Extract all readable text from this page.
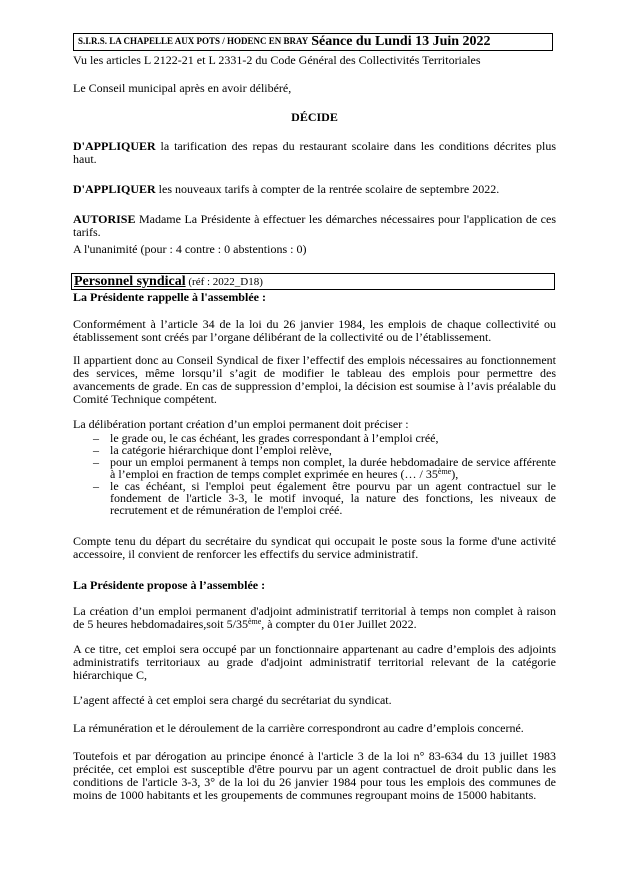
S.I.R.S. LA CHAPELLE AUX POTS / HODENC EN BRAY Séance du Lundi 13 Juin 2022
Vu les articles L 2122-21 et L 2331-2 du Code Général des Collectivités Territoriales
Le Conseil municipal après en avoir délibéré,
DÉCIDE
D'APPLIQUER la tarification des repas du restaurant scolaire dans les conditions décrites plus haut.
D'APPLIQUER les nouveaux tarifs à compter de la rentrée scolaire de septembre 2022.
AUTORISE Madame La Présidente à effectuer les démarches nécessaires pour l'application de ces tarifs.
A l'unanimité (pour : 4 contre : 0 abstentions : 0)
Personnel syndical (réf : 2022_D18)
La Présidente rappelle à l'assemblée :
Conformément à l’article 34 de la loi du 26 janvier 1984, les emplois de chaque collectivité ou établissement sont créés par l’organe délibérant de la collectivité ou de l’établissement.
Il appartient donc au Conseil Syndical de fixer l’effectif des emplois nécessaires au fonctionnement des services, même lorsqu’il s’agit de modifier le tableau des emplois pour permettre des avancements de grade. En cas de suppression d’emploi, la décision est soumise à l’avis préalable du Comité Technique compétent.
La délibération portant création d’un emploi permanent doit préciser :
– le grade ou, le cas échéant, les grades correspondant à l’emploi créé,
– la catégorie hiérarchique dont l’emploi relève,
– pour un emploi permanent à temps non complet, la durée hebdomadaire de service afférente à l’emploi en fraction de temps complet exprimée en heures (… / 35ème),
– le cas échéant, si l'emploi peut également être pourvu par un agent contractuel sur le fondement de l'article 3-3, le motif invoqué, la nature des fonctions, les niveaux de recrutement et de rémunération de l'emploi créé.
Compte tenu du départ du secrétaire du syndicat qui occupait le poste sous la forme d'une activité accessoire, il convient de renforcer les effectifs du service administratif.
La Présidente propose à l’assemblée :
La création d’un emploi permanent d'adjoint administratif territorial à temps non complet à raison de 5 heures hebdomadaires,soit 5/35ème, à compter du 01er Juillet 2022.
A ce titre, cet emploi sera occupé par un fonctionnaire appartenant au cadre d’emplois des adjoints administratifs territoriaux au grade d'adjoint administratif territorial relevant de la catégorie hiérarchique C,
L’agent affecté à cet emploi sera chargé du secrétariat du syndicat.
La rémunération et le déroulement de la carrière correspondront au cadre d’emplois concerné.
Toutefois et par dérogation au principe énoncé à l'article 3 de la loi n° 83-634 du 13 juillet 1983 précitée, cet emploi est susceptible d'être pourvu par un agent contractuel de droit public dans les conditions de l'article 3-3, 3° de la loi du 26 janvier 1984 pour tous les emplois des communes de moins de 1000 habitants et les groupements de communes regroupant moins de 15000 habitants.
